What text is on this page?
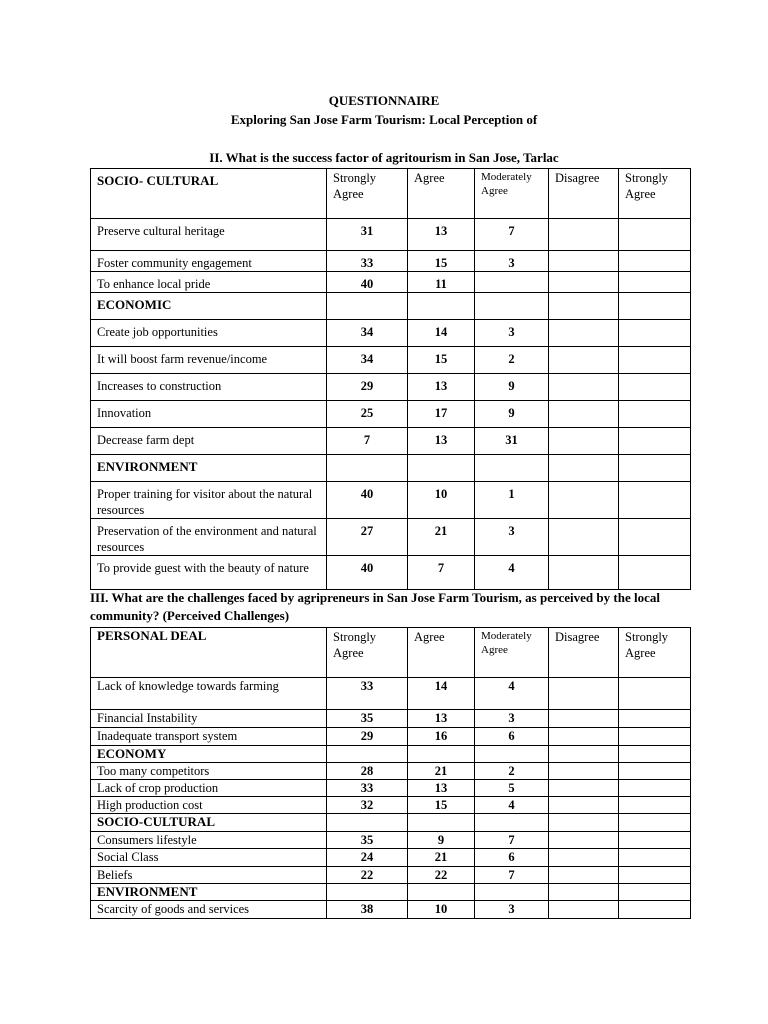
QUESTIONNAIRE
Exploring San Jose Farm Tourism: Local Perception of
II. What is the success factor of agritourism in San Jose, Tarlac
SOCIO- CULTURAL	Strongly Agree	Agree	Moderately Agree	Disagree	Strongly Agree
Preserve cultural heritage	31	13	7		
Foster community engagement	33	15	3		
To enhance local pride	40	11			
ECONOMIC					
Create job opportunities	34	14	3		
It will boost farm revenue/income	34	15	2		
Increases to construction	29	13	9		
Innovation	25	17	9		
Decrease farm dept	7	13	31		
ENVIRONMENT					
Proper training for visitor about the natural resources	40	10	1		
Preservation of the environment and natural resources	27	21	3		
To provide guest with the beauty of nature	40	7	4		
III. What are the challenges faced by agripreneurs in San Jose Farm Tourism, as perceived by the local community? (Perceived Challenges)
PERSONAL DEAL	Strongly Agree	Agree	Moderately Agree	Disagree	Strongly Agree
Lack of knowledge towards farming	33	14	4		
Financial Instability	35	13	3		
Inadequate transport system	29	16	6		
ECONOMY					
Too many competitors	28	21	2		
Lack of crop production	33	13	5		
High production cost	32	15	4		
SOCIO-CULTURAL					
Consumers lifestyle	35	9	7		
Social Class	24	21	6		
Beliefs	22	22	7		
ENVIRONMENT					
Scarcity of goods and services	38	10	3		
